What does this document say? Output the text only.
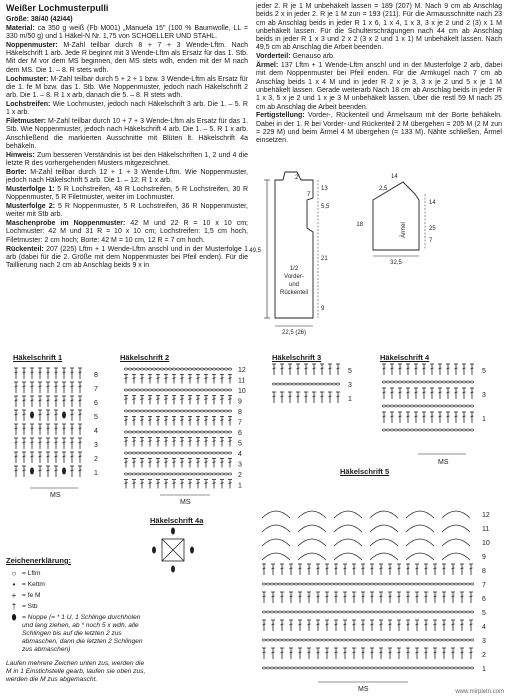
Weißer Lochmusterpulli

Größe: 38/40 (42/44)

Material: ca 350 g weiß (Fb M001) „Manuela 15" (100 % Baumwolle, LL = 330 m/50 g) und 1 Häkel-N Nr. 1,75 von SCHOELLER UND STAHL.

Noppenmuster: M-Zahl teilbar durch 8 + 7 + 3 Wende-Lftm. Nach Häkelschrift 1 arb. Jede R beginnt mit 3 Wende-Lftm als Ersatz für das 1. Stb. Mit der M vor dem MS beginnen, den MS stets wdh, enden mit der M nach dem MS. Die 1. – 8. R stets wdh.

Lochmuster: M-Zahl teilbar durch 5 + 2 + 1 bzw. 3 Wende-Lftm als Ersatz für die 1. fe M bzw. das 1. Stb. Wie Noppenmuster, jedoch nach Häkelschrift 2 arb. Die 1. – 8. R 1 x arb, danach die 5. – 8. R stets wdh.

Lochstreifen: Wie Lochmuster, jedoch nach Häkelschrift 3 arb. Die 1. – 5. R 1 x arb.

Filetmuster: M-Zahl teilbar durch 10 + 7 + 3 Wende-Lftm als Ersatz für das 1. Stb. Wie Noppenmuster, jedoch nach Häkelschrift 4 arb. Die 1. – 5. R 1 x arb. Anschließend die markierten Ausschnitte mit Blüten lt. Häkelschrift 4a behäkeln.

Hinweis: Zum besseren Verständnis ist bei den Häkelschriften 1, 2 und 4 die letzte R des vorhergehenden Musters mitgezeichnet.

Borte: M-Zahl teilbar durch 12 + 1 + 3 Wende-Lftm. Wie Noppenmuster, jedoch nach Häkelschrift 5 arb. Die 1. – 12. R 1 x arb.

Musterfolge 1: 5 R Lochstreifen, 48 R Lochstreifen, 5 R Lochstreifen, 30 R Noppenmuster, 5 R Filetmuster, weiter im Lochmuster.

Musterfolge 2: 5 R Noppenmuster, 5 R Lochstreifen, 36 R Noppenmuster, weiter mit Stb arb.

Maschenprobe im Noppenmuster: 42 M und 22 R = 10 x 10 cm; Lochmuster: 42 M und 31 R = 10 x 10 cm; Lochstreifen: 1,5 cm hoch, Filetmuster: 2 cm hoch; Borte: 42 M = 10 cm, 12 R = 7 cm hoch.

Rückenteil: 207 (225) Lftm + 1 Wende-Lftm anschl und in der Musterfolge 1 arb (dabei für die 2. Größe mit dem Noppenmuster bei Pfeil enden). Für die Taillierung nach 2 cm ab Anschlag beids 9 x in

jeder 2. R je 1 M unbehäkelt lassen = 189 (207) M. Nach 9 cm ab Anschlag beids 2 x in jeder 2. R je 1 M zun = 193 (211). Für die Armausschnitte nach 23 cm ab Anschlag beids in jeder R 1 x 6, 1 x 4, 1 x 3, 3 x je 2 und 2 (3) x 1 M unbehäkelt lassen. Für die Schulterschrägungen nach 44 cm ab Anschlag beids in jeder R 1 x 3 und 2 x 2 (3 x 2 und 1 x 1) M unbehäkelt lassen. Nach 49,5 cm ab Anschlag die Arbeit beenden.

Vorderteil: Genauso arb.

Ärmel: 137 Lftm + 1 Wende-Lftm anschl und in der Musterfolge 2 arb, dabei mit dem Noppenmuster bei Pfeil enden. Für die Armkugel nach 7 cm ab Anschlag beids 1 x 4 M und in jeder R 2 x je 3, 3 x je 2 und 5 x je 1 M unbehäkelt lassen. Gerade weiterarb Nach 18 cm ab Anschlag beids in jeder R 1 x 3, 5 x je 2 und 1 x je 3 M unbehäkelt lassen. Über die restl 59 M nach 25 cm ab Anschlag die Arbeit beenden.

Fertigstellung: Vorder-, Rückenteil und Ärmelsaum mit der Borte behäkeln. Dabei in der 1. R bei Vorder- und Rückenteil 2 M übergehen = 205 M (2 M zun = 229 M) und beim Ärmel 4 M übergehen (= 133 M). Nähte schließen, Ärmel einsetzen.

1/2
Vorder-
und
Rückenteil
Ärmel
49,5
22,5 (26)
2
13
5,5
21
9
7
2,5
14
25
7
14
32,5
18
Häkelschrift 1	Häkelschrift 2	Häkelschrift 3	Häkelschrift 4
Häkelschrift 4a
Häkelschrift 5
8
7
6
5
4
3
2
1
MS
12
11
10
9
8
7
6
5
4
3
2
1
MS
5
3
1
5
3
1
MS
12
11
10
9
8
7
6
5
4
3
2
1
MS
Zeichenerklärung:
○ = Lftm
• = Kettm
+ = fe M
† = Stb
⬮ = Noppe (= * 1 U, 1 Schlinge durchholen und lang ziehen, ab * noch 5 x wdh, alle Schlingen bis auf die letzten 2 zus abmaschen, dann die letzten 2 Schlingen zus abmaschen)
Laufen mehrere Zeichen unten zus, werden die M in 1 Einstichstelle gearb, laufen sie oben zus, werden die M zus abgemascht.
www.mirpletn.com
